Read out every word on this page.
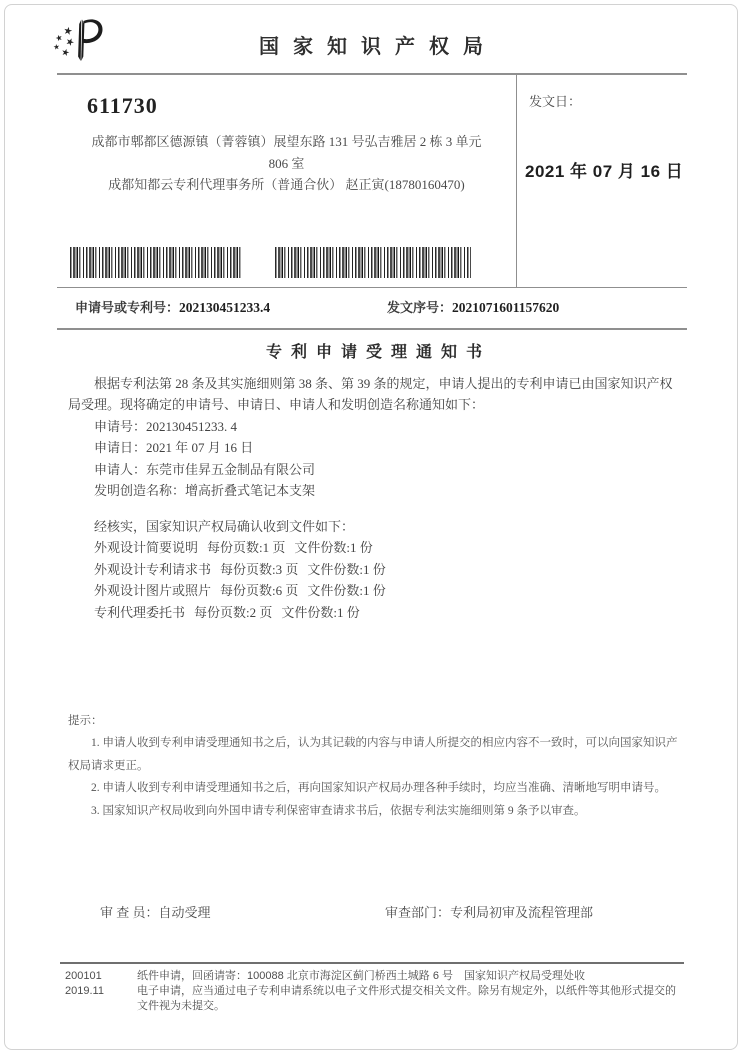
国家知识产权局
611730
成都市郫都区德源镇（菁蓉镇）展望东路 131 号弘吉雅居 2 栋 3 单元
806 室
成都知都云专利代理事务所（普通合伙） 赵正寅(18780160470)
发文日：
2021 年 07 月 16 日
申请号或专利号：202130451233.4	发文序号：2021071601157620
专利申请受理通知书

根据专利法第 28 条及其实施细则第 38 条、第 39 条的规定，申请人提出的专利申请已由国家知识产权局受理。现将确定的申请号、申请日、申请人和发明创造名称通知如下：

申请号：202130451233. 4
申请日：2021 年 07 月 16 日
申请人：东莞市佳昇五金制品有限公司
发明创造名称：增高折叠式笔记本支架
经核实，国家知识产权局确认收到文件如下：
外观设计简要说明 每份页数:1 页 文件份数:1 份
外观设计专利请求书 每份页数:3 页 文件份数:1 份
外观设计图片或照片 每份页数:6 页 文件份数:1 份
专利代理委托书 每份页数:2 页 文件份数:1 份

提示：

1. 申请人收到专利申请受理通知书之后，认为其记载的内容与申请人所提交的相应内容不一致时，可以向国家知识产权局请求更正。

2. 申请人收到专利申请受理通知书之后，再向国家知识产权局办理各种手续时，均应当准确、清晰地写明申请号。

3. 国家知识产权局收到向外国申请专利保密审查请求书后，依据专利法实施细则第 9 条予以审查。

审 查 员：自动受理	审查部门：专利局初审及流程管理部
200101
2019.11
纸件申请，回函请寄：100088 北京市海淀区蓟门桥西土城路 6 号　国家知识产权局受理处收
电子申请，应当通过电子专利申请系统以电子文件形式提交相关文件。除另有规定外，以纸件等其他形式提交的文件视为未提交。
